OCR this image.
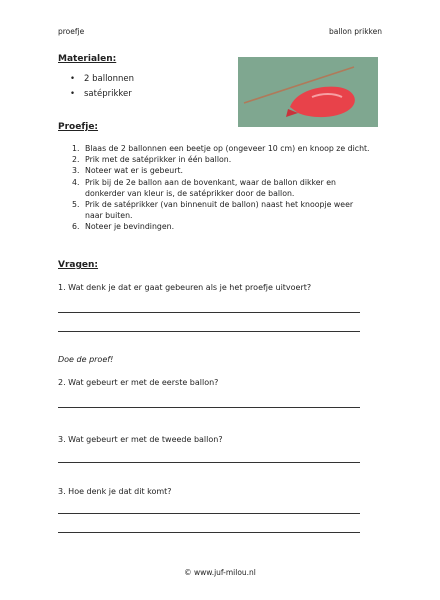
proefje	ballon prikken
Materialen:
• 2 ballonnen
• satéprikker
Proefje:
1. Blaas de 2 ballonnen een beetje op (ongeveer 10 cm) en knoop ze dicht.
2. Prik met de satéprikker in één ballon.
3. Noteer wat er is gebeurt.
4. Prik bij de 2e ballon aan de bovenkant, waar de ballon dikker en donkerder van kleur is, de satéprikker door de ballon.
5. Prik de satéprikker (van binnenuit de ballon) naast het knoopje weer naar buiten.
6. Noteer je bevindingen.
Vragen:
1. Wat denk je dat er gaat gebeuren als je het proefje uitvoert?
Doe de proef!
2. Wat gebeurt er met de eerste ballon?
3. Wat gebeurt er met de tweede ballon?
3. Hoe denk je dat dit komt?
© www.juf-milou.nl
